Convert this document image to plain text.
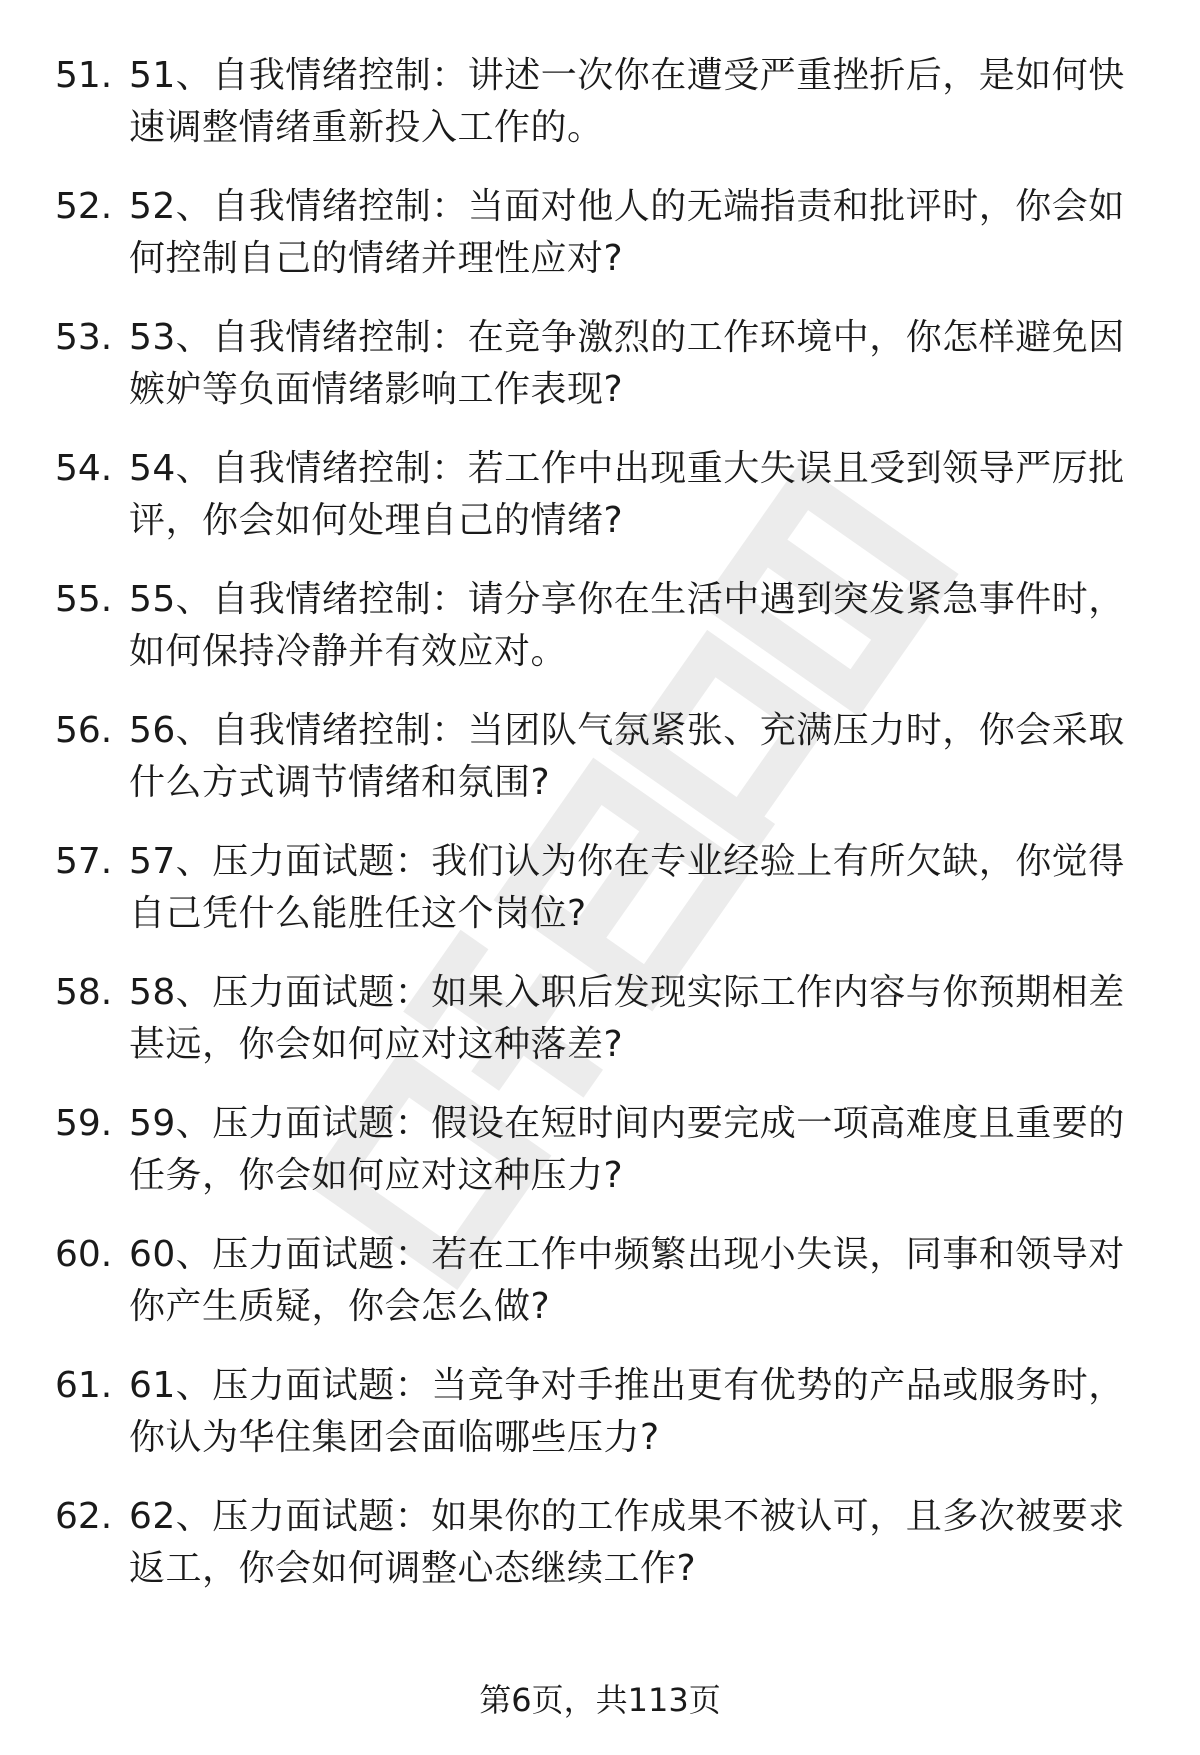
51. 51、自我情绪控制：讲述一次你在遭受严重挫折后，是如何快速调整情绪重新投入工作的。
52. 52、自我情绪控制：当面对他人的无端指责和批评时，你会如何控制自己的情绪并理性应对?
53. 53、自我情绪控制：在竞争激烈的工作环境中，你怎样避免因嫉妒等负面情绪影响工作表现?
54. 54、自我情绪控制：若工作中出现重大失误且受到领导严厉批评，你会如何处理自己的情绪?
55. 55、自我情绪控制：请分享你在生活中遇到突发紧急事件时，如何保持冷静并有效应对。
56. 56、自我情绪控制：当团队气氛紧张、充满压力时，你会采取什么方式调节情绪和氛围?
57. 57、压力面试题：我们认为你在专业经验上有所欠缺，你觉得自己凭什么能胜任这个岗位?
58. 58、压力面试题：如果入职后发现实际工作内容与你预期相差甚远，你会如何应对这种落差?
59. 59、压力面试题：假设在短时间内要完成一项高难度且重要的任务，你会如何应对这种压力?
60. 60、压力面试题：若在工作中频繁出现小失误，同事和领导对你产生质疑，你会怎么做?
61. 61、压力面试题：当竞争对手推出更有优势的产品或服务时，你认为华住集团会面临哪些压力?
62. 62、压力面试题：如果你的工作成果不被认可，且多次被要求返工，你会如何调整心态继续工作?
第6页，共113页
